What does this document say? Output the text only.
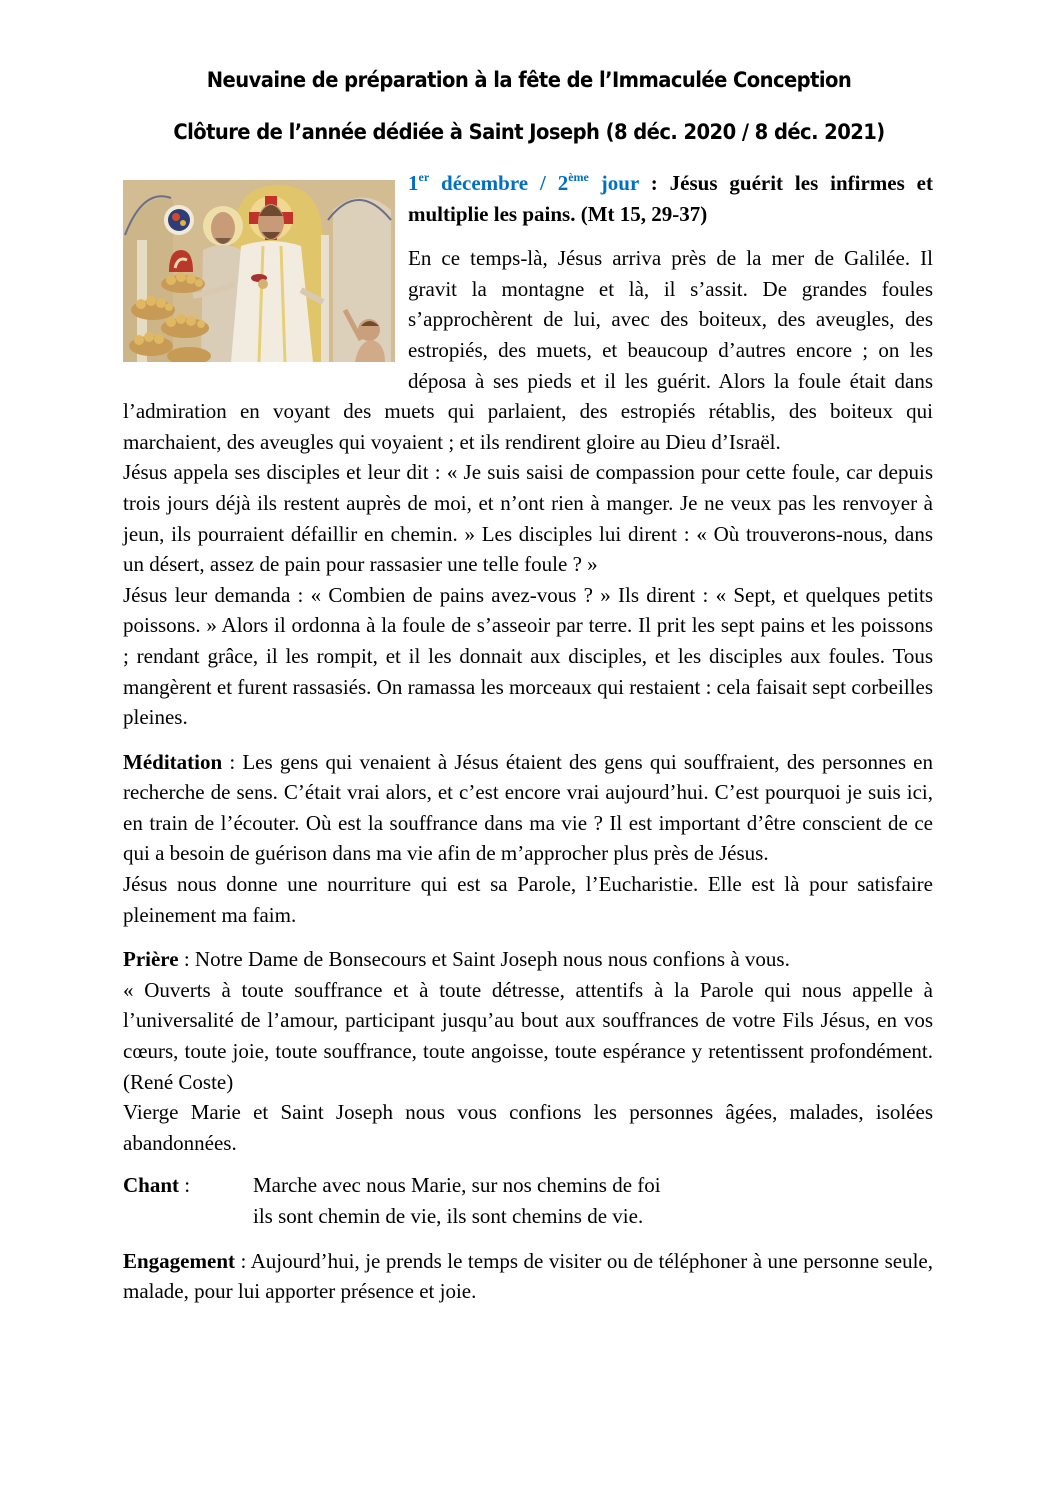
Neuvaine de préparation à la fête de l’Immaculée Conception
Clôture de l’année dédiée à Saint Joseph (8 déc. 2020 / 8 déc. 2021)

1er décembre / 2ème jour : Jésus guérit les infirmes et multiplie les pains. (Mt 15, 29-37)

En ce temps-là, Jésus arriva près de la mer de Galilée. Il gravit la montagne et là, il s’assit. De grandes foules s’approchèrent de lui, avec des boiteux, des aveugles, des estropiés, des muets, et beaucoup d’autres encore ; on les déposa à ses pieds et il les guérit. Alors la foule était dans l’admiration en voyant des muets qui parlaient, des estropiés rétablis, des boiteux qui marchaient, des aveugles qui voyaient ; et ils rendirent gloire au Dieu d’Israël.

Jésus appela ses disciples et leur dit : « Je suis saisi de compassion pour cette foule, car depuis trois jours déjà ils restent auprès de moi, et n’ont rien à manger. Je ne veux pas les renvoyer à jeun, ils pourraient défaillir en chemin. » Les disciples lui dirent : « Où trouverons-nous, dans un désert, assez de pain pour rassasier une telle foule ? »

Jésus leur demanda : « Combien de pains avez-vous ? » Ils dirent : « Sept, et quelques petits poissons. » Alors il ordonna à la foule de s’asseoir par terre. Il prit les sept pains et les poissons ; rendant grâce, il les rompit, et il les donnait aux disciples, et les disciples aux foules. Tous mangèrent et furent rassasiés. On ramassa les morceaux qui restaient : cela faisait sept corbeilles pleines.

Méditation : Les gens qui venaient à Jésus étaient des gens qui souffraient, des personnes en recherche de sens. C’était vrai alors, et c’est encore vrai aujourd’hui. C’est pourquoi je suis ici, en train de l’écouter. Où est la souffrance dans ma vie ? Il est important d’être conscient de ce qui a besoin de guérison dans ma vie afin de m’approcher plus près de Jésus.

Jésus nous donne une nourriture qui est sa Parole, l’Eucharistie. Elle est là pour satisfaire pleinement ma faim.

Prière : Notre Dame de Bonsecours et Saint Joseph nous nous confions à vous.

« Ouverts à toute souffrance et à toute détresse, attentifs à la Parole qui nous appelle à l’universalité de l’amour, participant jusqu’au bout aux souffrances de votre Fils Jésus, en vos cœurs, toute joie, toute souffrance, toute angoisse, toute espérance y retentissent profondément. (René Coste)

Vierge Marie et Saint Joseph nous vous confions les personnes âgées, malades, isolées abandonnées.

Chant :	Marche avec nous Marie, sur nos chemins de foi
ils sont chemin de vie, ils sont chemins de vie.

Engagement : Aujourd’hui, je prends le temps de visiter ou de téléphoner à une personne seule, malade, pour lui apporter présence et joie.
